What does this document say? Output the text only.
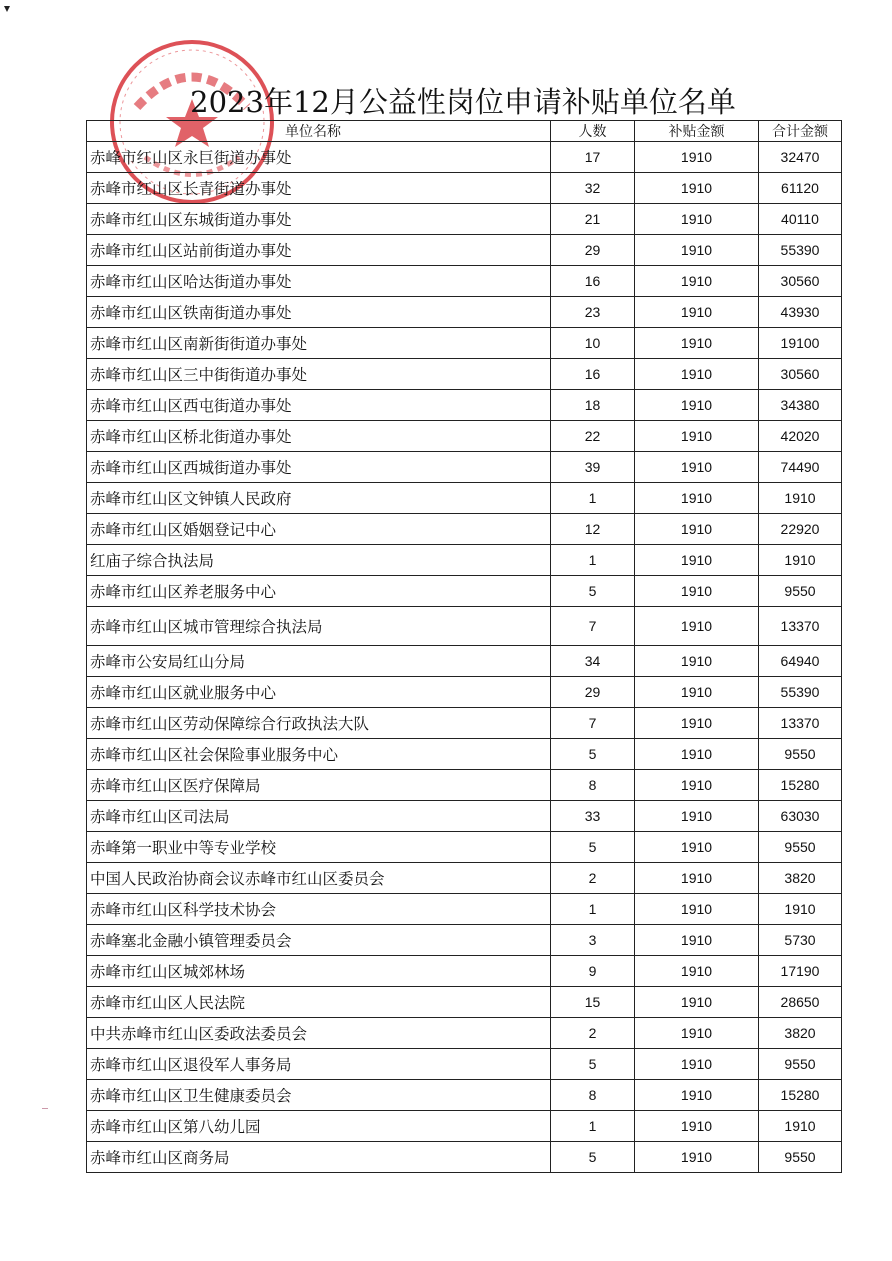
2023年12月公益性岗位申请补贴单位名单
单位名称	人数	补贴金额	合计金额
赤峰市红山区永巨街道办事处	17	1910	32470
赤峰市红山区长青街道办事处	32	1910	61120
赤峰市红山区东城街道办事处	21	1910	40110
赤峰市红山区站前街道办事处	29	1910	55390
赤峰市红山区哈达街道办事处	16	1910	30560
赤峰市红山区铁南街道办事处	23	1910	43930
赤峰市红山区南新街街道办事处	10	1910	19100
赤峰市红山区三中街街道办事处	16	1910	30560
赤峰市红山区西屯街道办事处	18	1910	34380
赤峰市红山区桥北街道办事处	22	1910	42020
赤峰市红山区西城街道办事处	39	1910	74490
赤峰市红山区文钟镇人民政府	1	1910	1910
赤峰市红山区婚姻登记中心	12	1910	22920
红庙子综合执法局	1	1910	1910
赤峰市红山区养老服务中心	5	1910	9550
赤峰市红山区城市管理综合执法局	7	1910	13370
赤峰市公安局红山分局	34	1910	64940
赤峰市红山区就业服务中心	29	1910	55390
赤峰市红山区劳动保障综合行政执法大队	7	1910	13370
赤峰市红山区社会保险事业服务中心	5	1910	9550
赤峰市红山区医疗保障局	8	1910	15280
赤峰市红山区司法局	33	1910	63030
赤峰第一职业中等专业学校	5	1910	9550
中国人民政治协商会议赤峰市红山区委员会	2	1910	3820
赤峰市红山区科学技术协会	1	1910	1910
赤峰塞北金融小镇管理委员会	3	1910	5730
赤峰市红山区城郊林场	9	1910	17190
赤峰市红山区人民法院	15	1910	28650
中共赤峰市红山区委政法委员会	2	1910	3820
赤峰市红山区退役军人事务局	5	1910	9550
赤峰市红山区卫生健康委员会	8	1910	15280
赤峰市红山区第八幼儿园	1	1910	1910
赤峰市红山区商务局	5	1910	9550
